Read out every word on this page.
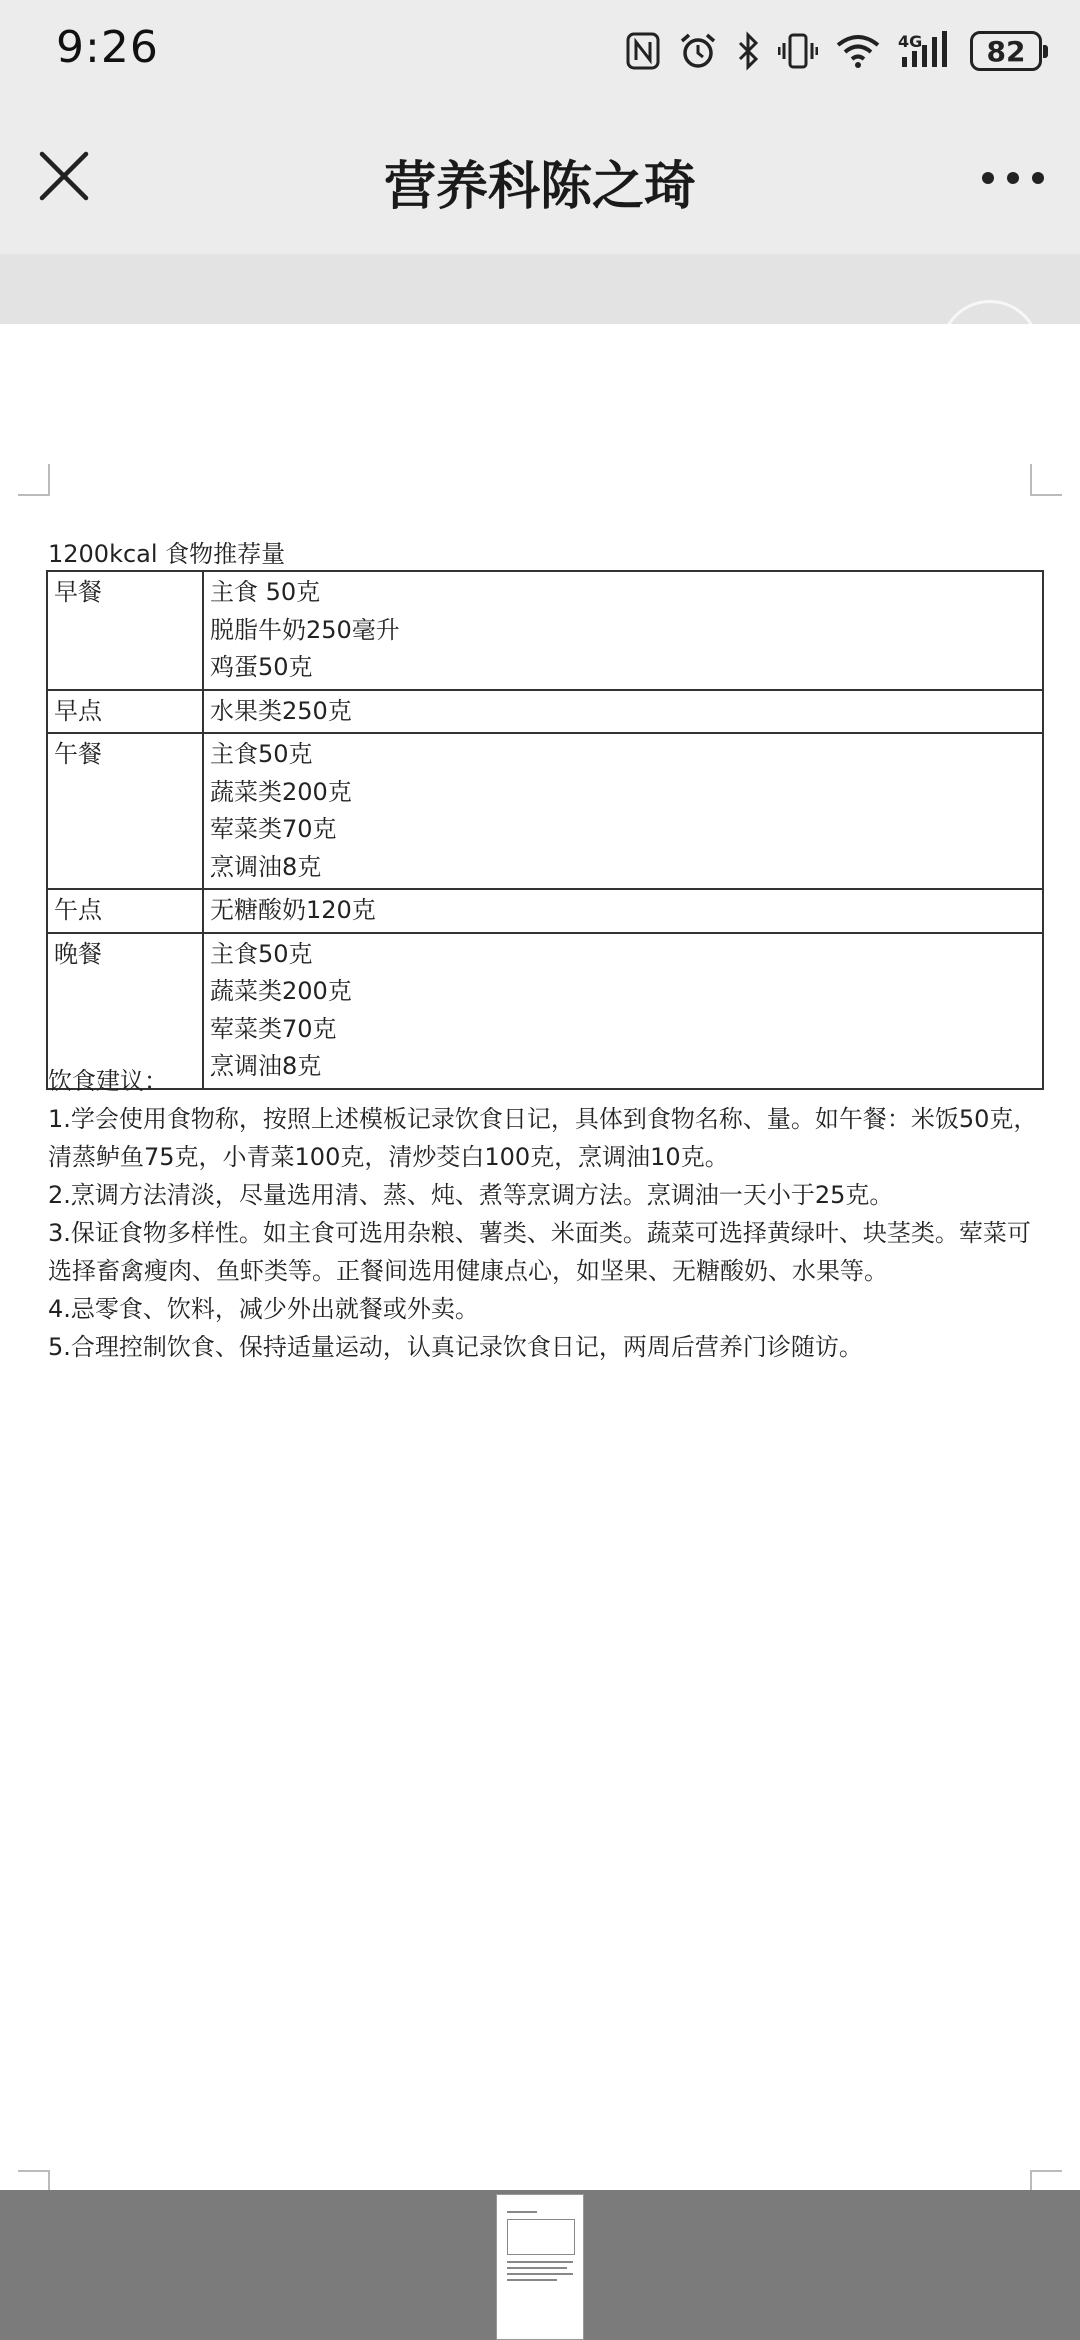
9:26	4G	82
营养科陈之琦
1200kcal 食物推荐量
早餐	主食 50克
脱脂牛奶250毫升
鸡蛋50克

早点	水果类250克

午餐	主食50克
蔬菜类200克
荤菜类70克
烹调油8克

午点	无糖酸奶120克

晚餐	主食50克
蔬菜类200克
荤菜类70克
烹调油8克

饮食建议：

1.学会使用食物称，按照上述模板记录饮食日记，具体到食物名称、量。如午餐：米饭50克，清蒸鲈鱼75克，小青菜100克，清炒茭白100克，烹调油10克。

2.烹调方法清淡，尽量选用清、蒸、炖、煮等烹调方法。烹调油一天小于25克。

3.保证食物多样性。如主食可选用杂粮、薯类、米面类。蔬菜可选择黄绿叶、块茎类。荤菜可选择畜禽瘦肉、鱼虾类等。正餐间选用健康点心，如坚果、无糖酸奶、水果等。

4.忌零食、饮料，减少外出就餐或外卖。

5.合理控制饮食、保持适量运动，认真记录饮食日记，两周后营养门诊随访。
